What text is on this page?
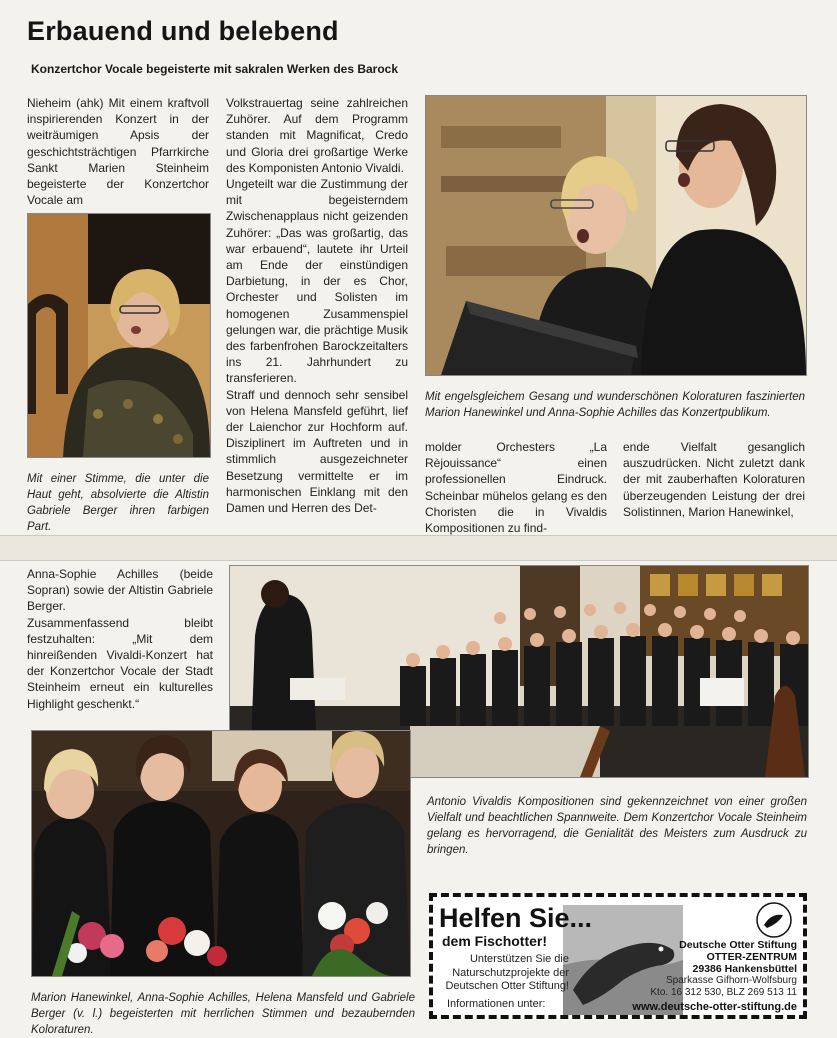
Erbauend und belebend
Konzertchor Vocale begeisterte mit sakralen Werken des Barock

Nieheim (ahk) Mit einem kraftvoll inspirierenden Konzert in der weiträumigen Apsis der geschichtsträchtigen Pfarrkirche Sankt Marien Steinheim begeisterte der Konzertchor Vocale am

Mit einer Stimme, die unter die Haut geht, absolvierte die Altistin Gabriele Berger ihren farbigen Part.

Volkstrauertag seine zahlreichen Zuhörer. Auf dem Programm standen mit Magnificat, Credo und Gloria drei großartige Werke des Komponisten Antonio Vivaldi.

Ungeteilt war die Zustimmung der mit begeisterndem Zwischenapplaus nicht geizenden Zuhörer: „Das was großartig, das war erbauend“, lautete ihr Urteil am Ende der einstündigen Darbietung, in der es Chor, Orchester und Solisten im homogenen Zusammenspiel gelungen war, die prächtige Musik des farbenfrohen Barockzeitalters ins 21. Jahrhundert zu transferieren.

Straff und dennoch sehr sensibel von Helena Mansfeld geführt, lief der Laienchor zur Hochform auf. Disziplinert im Auftreten und in stimmlich ausgezeichneter Besetzung vermittelte er im harmonischen Einklang mit den Damen und Herren des Det-

Mit engelsgleichem Gesang und wunderschönen Koloraturen faszinierten Marion Hanewinkel und Anna-Sophie Achilles das Konzertpublikum.

molder Orchesters „La Rèjouissance“ einen professionellen Eindruck. Scheinbar mühelos gelang es den Choristen die in Vivaldis Kompositionen zu find-

ende Vielfalt gesanglich auszudrücken. Nicht zuletzt dank der mit zauberhaften Koloraturen überzeugenden Leistung der drei Solistinnen, Marion Hanewinkel,

Anna-Sophie Achilles (beide Sopran) sowie der Altistin Gabriele Berger.

Zusammenfassend bleibt festzuhalten: „Mit dem hinreißenden Vivaldi-Konzert hat der Konzertchor Vocale der Stadt Steinheim erneut ein kulturelles Highlight geschenkt.“

Marion Hanewinkel, Anna-Sophie Achilles, Helena Mansfeld und Gabriele Berger (v. l.) begeisterten mit herrlichen Stimmen und bezaubernden Koloraturen.
Antonio Vivaldis Kompositionen sind gekennzeichnet von einer großen Vielfalt und beachtlichen Spannweite. Dem Konzertchor Vocale Steinheim gelang es hervorragend, die Genialität des Meisters zum Ausdruck zu bringen.
Helfen Sie...
dem Fischotter!
Unterstützen Sie die Naturschutzprojekte der Deutschen Otter Stiftung!
Informationen unter:
Deutsche Otter Stiftung
OTTER-ZENTRUM
29386 Hankensbüttel
Sparkasse Gifhorn-Wolfsburg
Kto. 16 312 530, BLZ 269 513 11
www.deutsche-otter-stiftung.de
